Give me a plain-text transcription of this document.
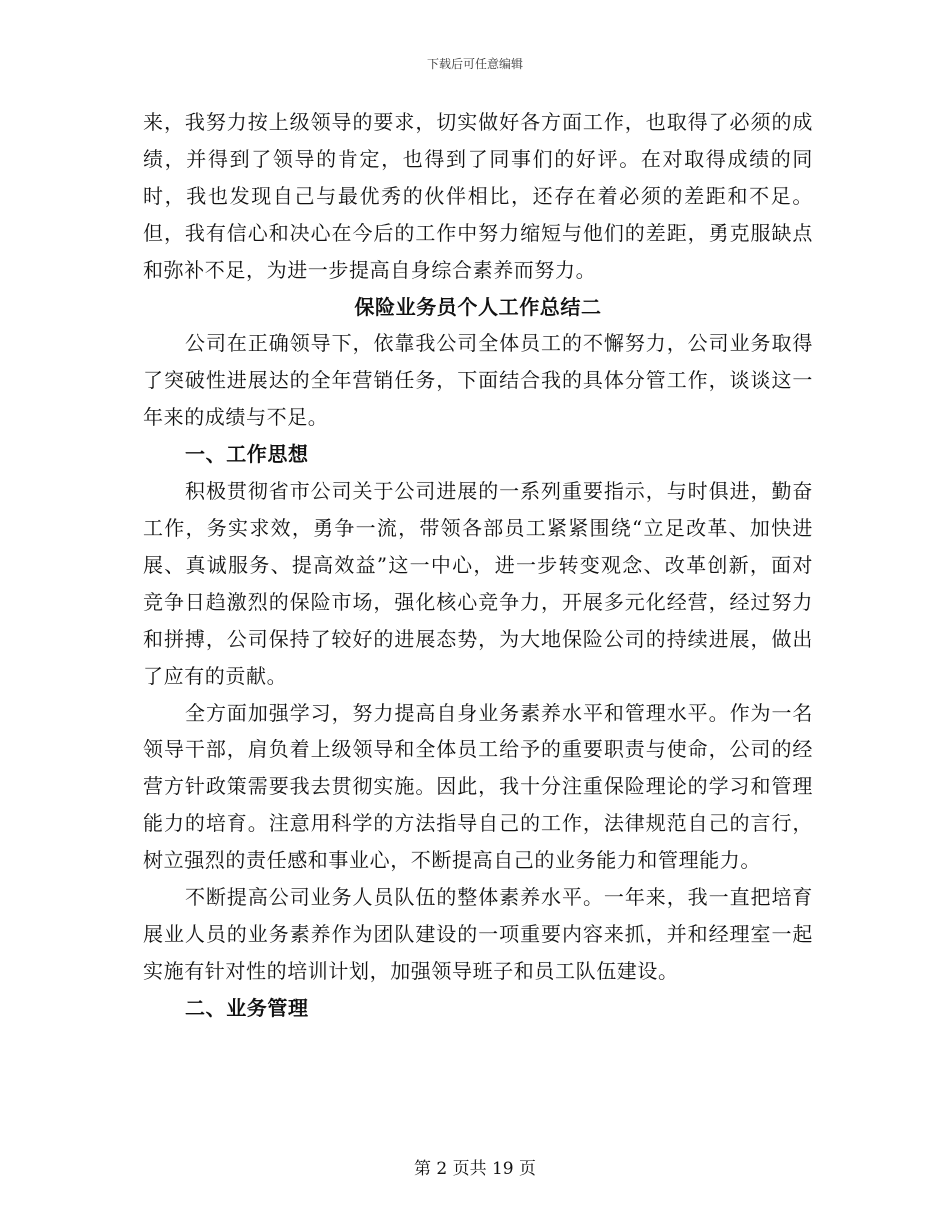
下载后可任意编辑

来，我努力按上级领导的要求，切实做好各方面工作，也取得了必须的成绩，并得到了领导的肯定，也得到了同事们的好评。在对取得成绩的同时，我也发现自己与最优秀的伙伴相比，还存在着必须的差距和不足。但，我有信心和决心在今后的工作中努力缩短与他们的差距，勇克服缺点和弥补不足，为进一步提高自身综合素养而努力。

保险业务员个人工作总结二

公司在正确领导下，依靠我公司全体员工的不懈努力，公司业务取得了突破性进展达的全年营销任务，下面结合我的具体分管工作，谈谈这一年来的成绩与不足。

一、工作思想

积极贯彻省市公司关于公司进展的一系列重要指示，与时俱进，勤奋工作，务实求效，勇争一流，带领各部员工紧紧围绕“立足改革、加快进展、真诚服务、提高效益”这一中心，进一步转变观念、改革创新，面对竞争日趋激烈的保险市场，强化核心竞争力，开展多元化经营，经过努力和拼搏，公司保持了较好的进展态势，为大地保险公司的持续进展，做出了应有的贡献。

全方面加强学习，努力提高自身业务素养水平和管理水平。作为一名领导干部，肩负着上级领导和全体员工给予的重要职责与使命，公司的经营方针政策需要我去贯彻实施。因此，我十分注重保险理论的学习和管理能力的培育。注意用科学的方法指导自己的工作，法律规范自己的言行，树立强烈的责任感和事业心，不断提高自己的业务能力和管理能力。

不断提高公司业务人员队伍的整体素养水平。一年来，我一直把培育展业人员的业务素养作为团队建设的一项重要内容来抓，并和经理室一起实施有针对性的培训计划，加强领导班子和员工队伍建设。

二、业务管理
第 2 页共 19 页
